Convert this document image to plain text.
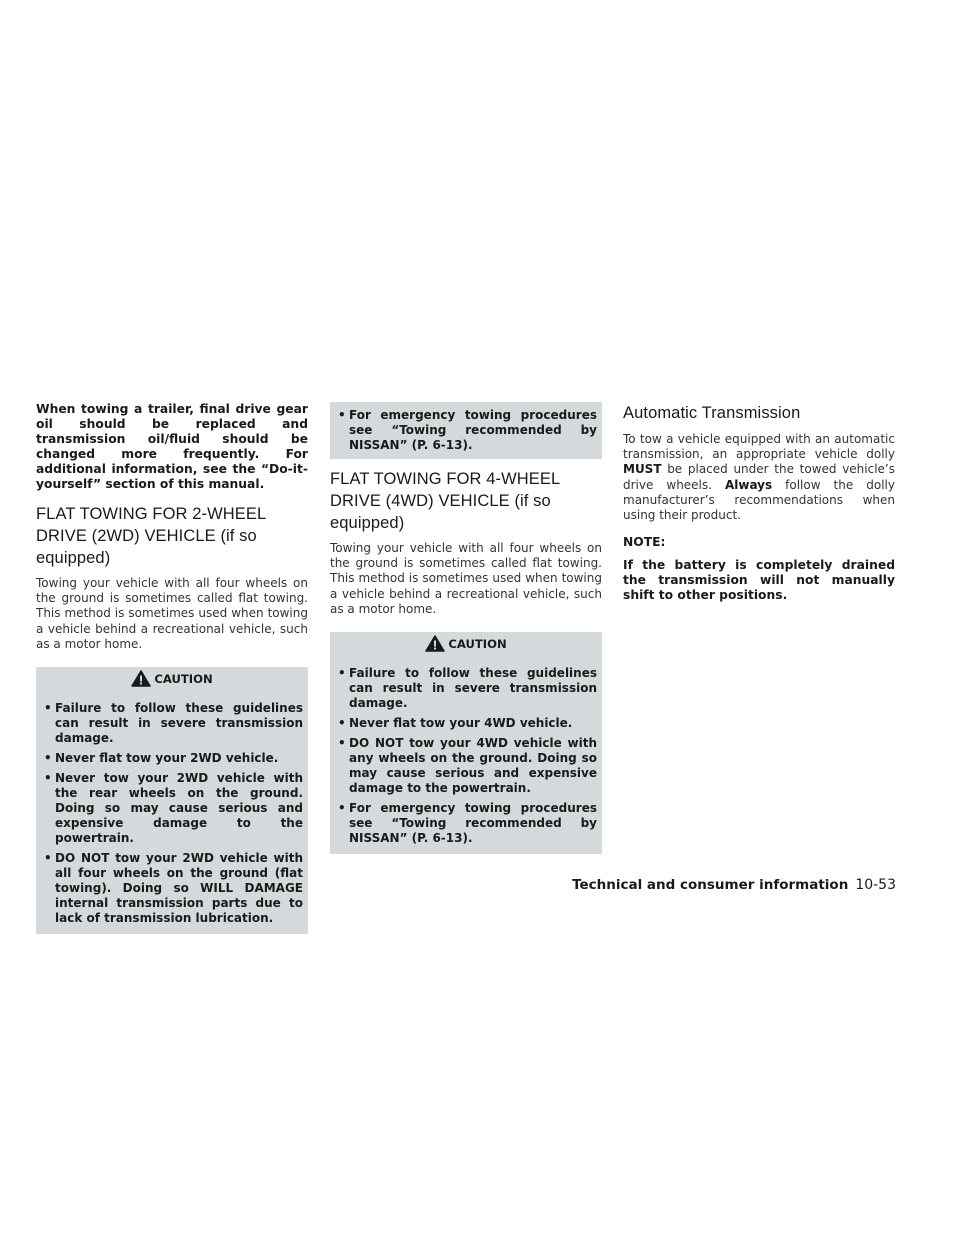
When towing a trailer, final drive gear oil should be replaced and transmission oil/fluid should be changed more frequently. For additional information, see the “Do-it-yourself” section of this manual.

FLAT TOWING FOR 2-WHEEL DRIVE (2WD) VEHICLE (if so equipped)

Towing your vehicle with all four wheels on the ground is sometimes called flat towing. This method is sometimes used when towing a vehicle behind a recreational vehicle, such as a motor home.

CAUTION
• Failure to follow these guidelines can result in severe transmission damage.
• Never flat tow your 2WD vehicle.
• Never tow your 2WD vehicle with the rear wheels on the ground. Doing so may cause serious and expensive damage to the powertrain.
• DO NOT tow your 2WD vehicle with all four wheels on the ground (flat towing). Doing so WILL DAMAGE internal transmission parts due to lack of transmission lubrication.
• For emergency towing procedures see “Towing recommended by NISSAN” (P. 6-13).
FLAT TOWING FOR 4-WHEEL DRIVE (4WD) VEHICLE (if so equipped)

Towing your vehicle with all four wheels on the ground is sometimes called flat towing. This method is sometimes used when towing a vehicle behind a recreational vehicle, such as a motor home.

CAUTION
• Failure to follow these guidelines can result in severe transmission damage.
• Never flat tow your 4WD vehicle.
• DO NOT tow your 4WD vehicle with any wheels on the ground. Doing so may cause serious and expensive damage to the powertrain.
• For emergency towing procedures see “Towing recommended by NISSAN” (P. 6-13).
Automatic Transmission

To tow a vehicle equipped with an automatic transmission, an appropriate vehicle dolly MUST be placed under the towed vehicle’s drive wheels. Always follow the dolly manufacturer’s recommendations when using their product.

NOTE:

If the battery is completely drained the transmission will not manually shift to other positions.

Technical and consumer information 10-53
